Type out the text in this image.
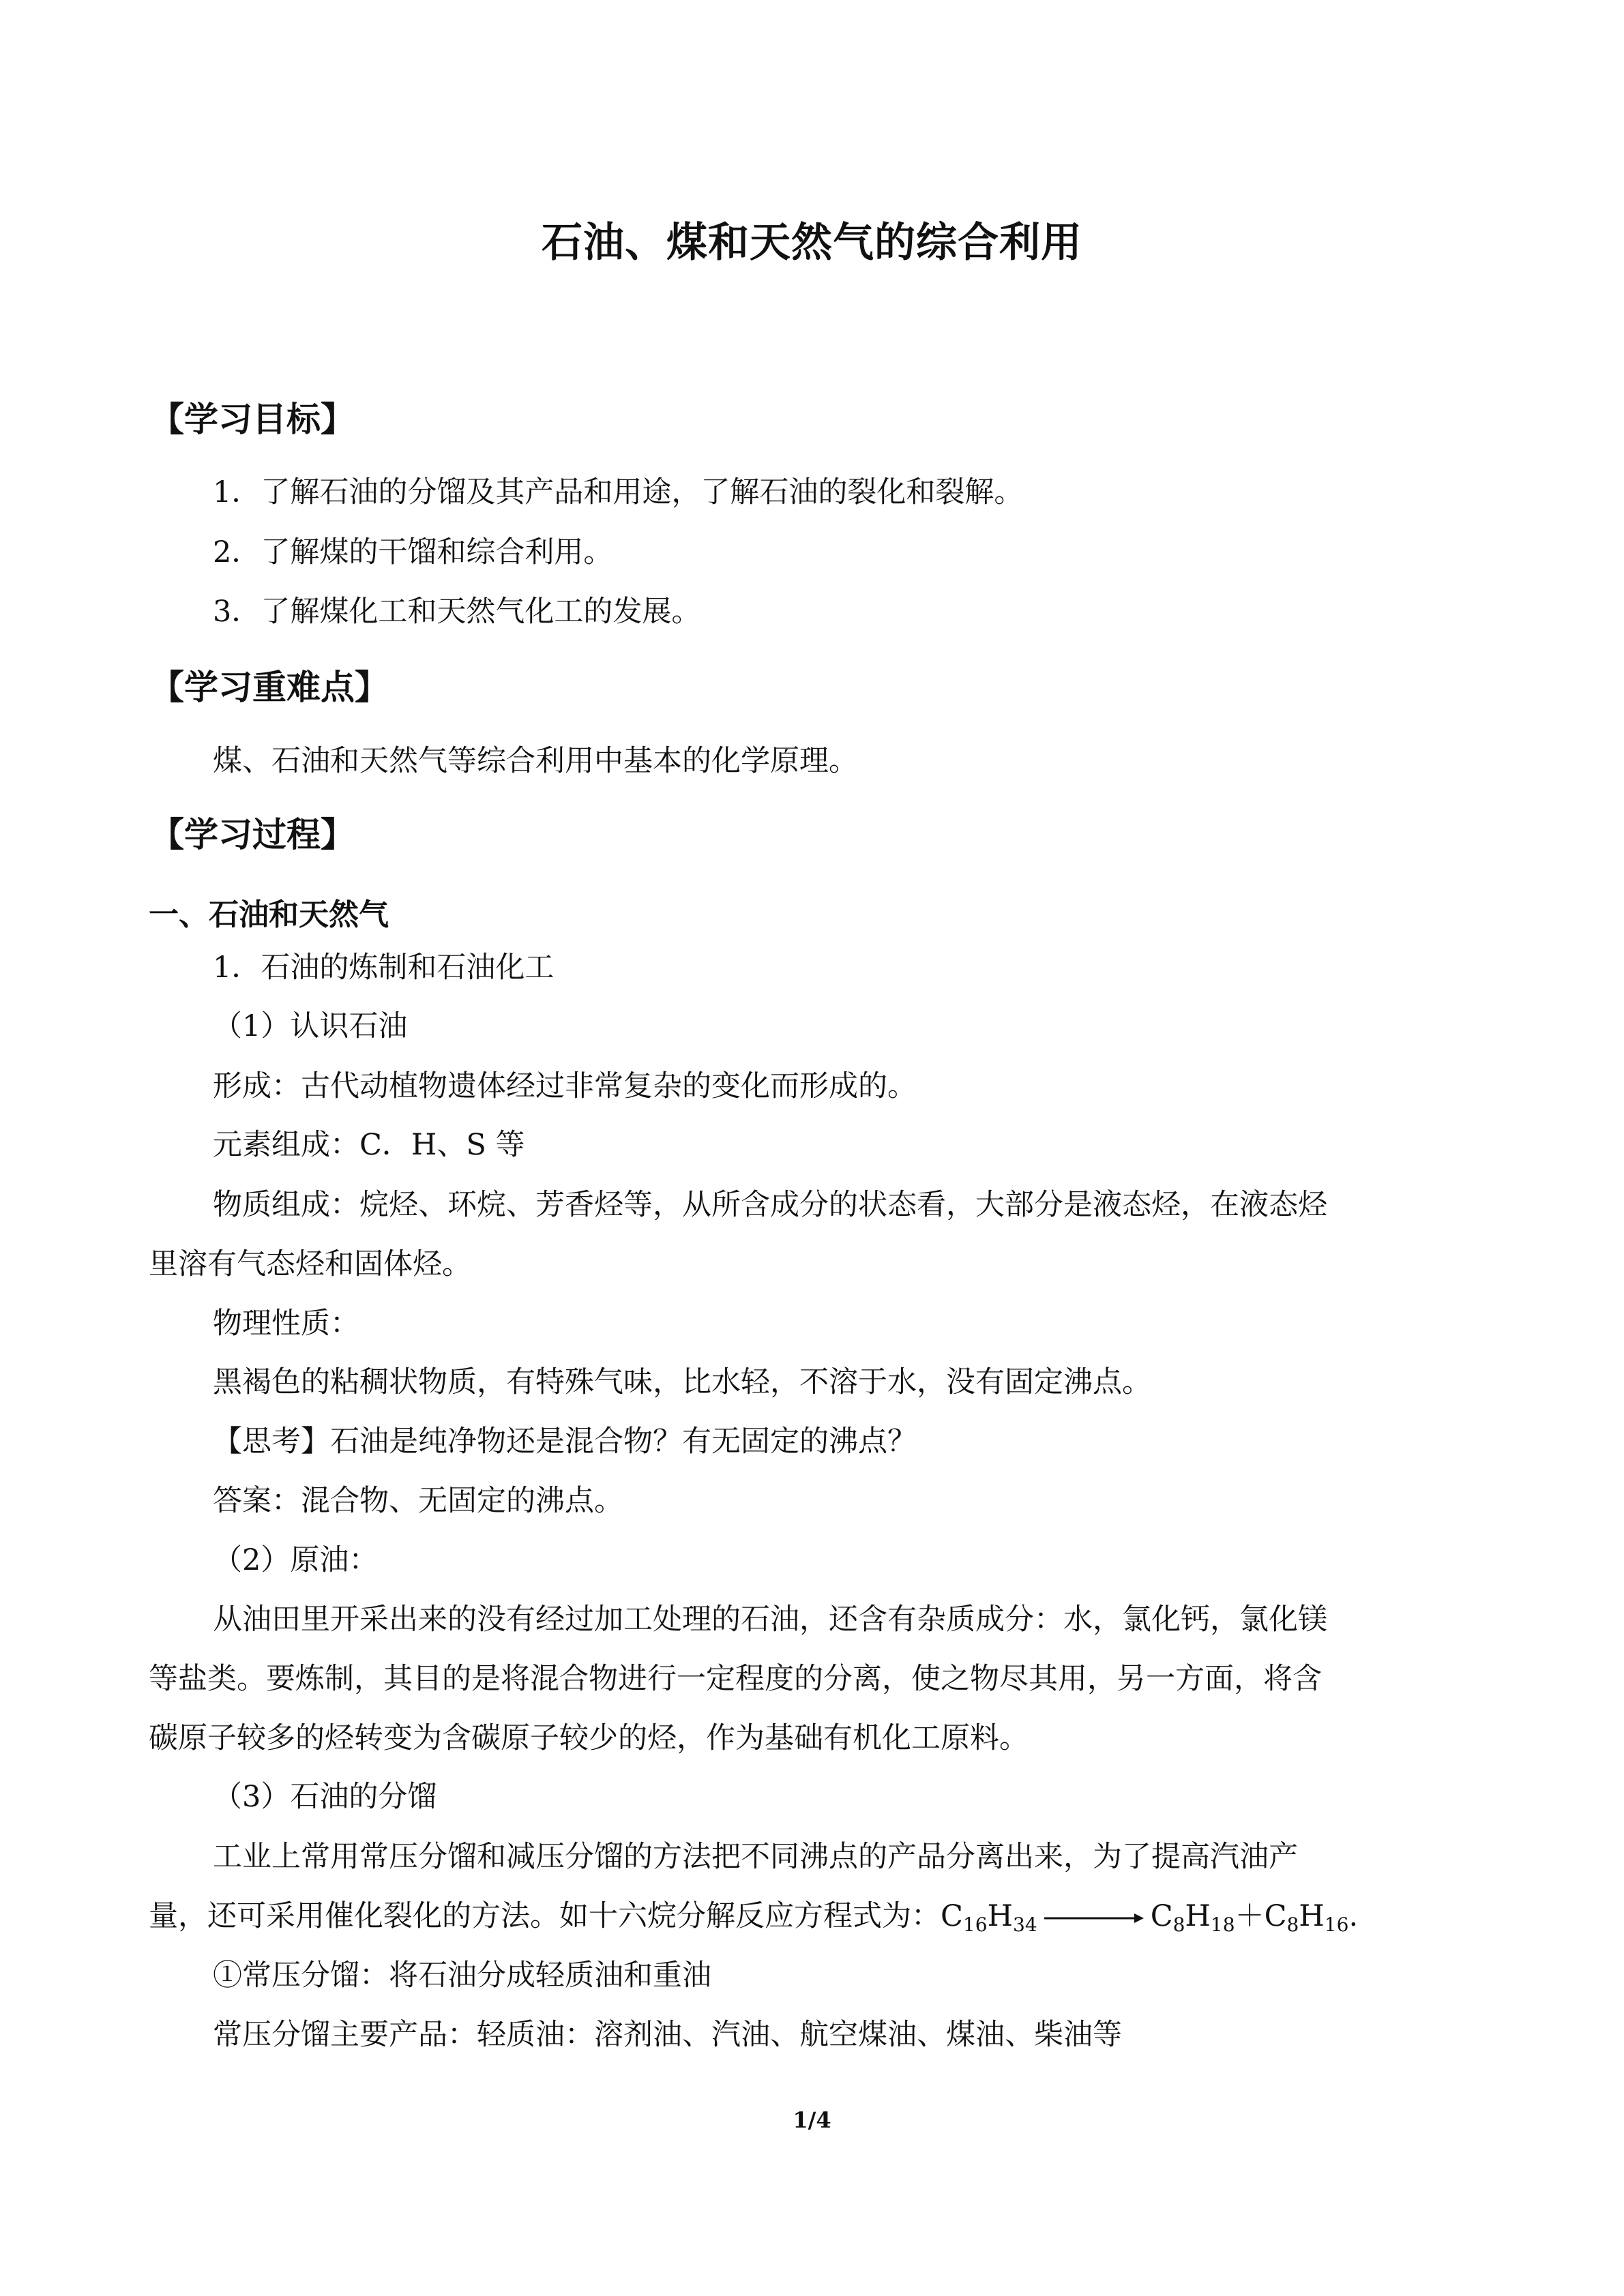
石油、煤和天然气的综合利用
【学习目标】
1．了解石油的分馏及其产品和用途，了解石油的裂化和裂解。
2．了解煤的干馏和综合利用。
3．了解煤化工和天然气化工的发展。
【学习重难点】
煤、石油和天然气等综合利用中基本的化学原理。
【学习过程】
一、石油和天然气
1．石油的炼制和石油化工
（1）认识石油
形成：古代动植物遗体经过非常复杂的变化而形成的。
元素组成：C．H、S 等
物质组成：烷烃、环烷、芳香烃等，从所含成分的状态看，大部分是液态烃，在液态烃
里溶有气态烃和固体烃。
物理性质：
黑褐色的粘稠状物质，有特殊气味，比水轻，不溶于水，没有固定沸点。
【思考】石油是纯净物还是混合物？有无固定的沸点？
答案：混合物、无固定的沸点。
（2）原油：
从油田里开采出来的没有经过加工处理的石油，还含有杂质成分：水，氯化钙，氯化镁
等盐类。要炼制，其目的是将混合物进行一定程度的分离，使之物尽其用，另一方面，将含
碳原子较多的烃转变为含碳原子较少的烃，作为基础有机化工原料。
（3）石油的分馏
工业上常用常压分馏和减压分馏的方法把不同沸点的产品分离出来，为了提高汽油产
量，还可采用催化裂化的方法。如十六烷分解反应方程式为：$C_{16}H_{34} \to C_8H_{18}+C_8H_{16}$.
①常压分馏：将石油分成轻质油和重油
常压分馏主要产品：轻质油：溶剂油、汽油、航空煤油、煤油、柴油等
1/4
